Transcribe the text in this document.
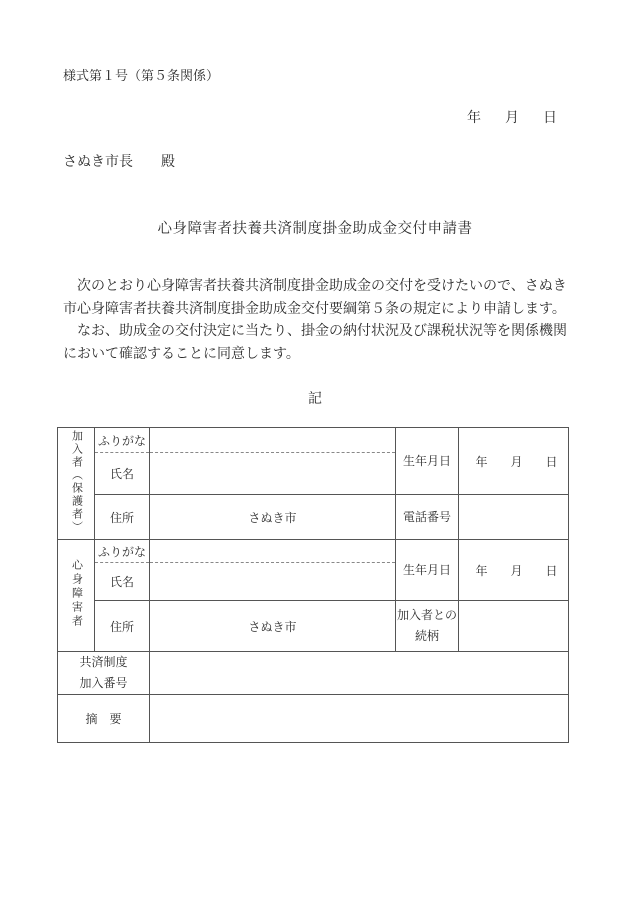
様式第１号（第５条関係）
年 月 日
さぬき市長　　殿
心身障害者扶養共済制度掛金助成金交付申請書
　次のとおり心身障害者扶養共済制度掛金助成金の交付を受けたいので、さぬき
市心身障害者扶養共済制度掛金助成金交付要綱第５条の規定により申請します。
　なお、助成金の交付決定に当たり、掛金の納付状況及び課税状況等を関係機関
において確認することに同意します。
記
加入者（保護者）	ふりがな		生年月日	年 月 日

	氏名			
	住所	さぬき市	電話番号	
心身障害者	ふりがな		生年月日	年 月 日

	氏名			
	住所	さぬき市	加入者との
続柄	

共済制度
加入番号				

摘　要				
